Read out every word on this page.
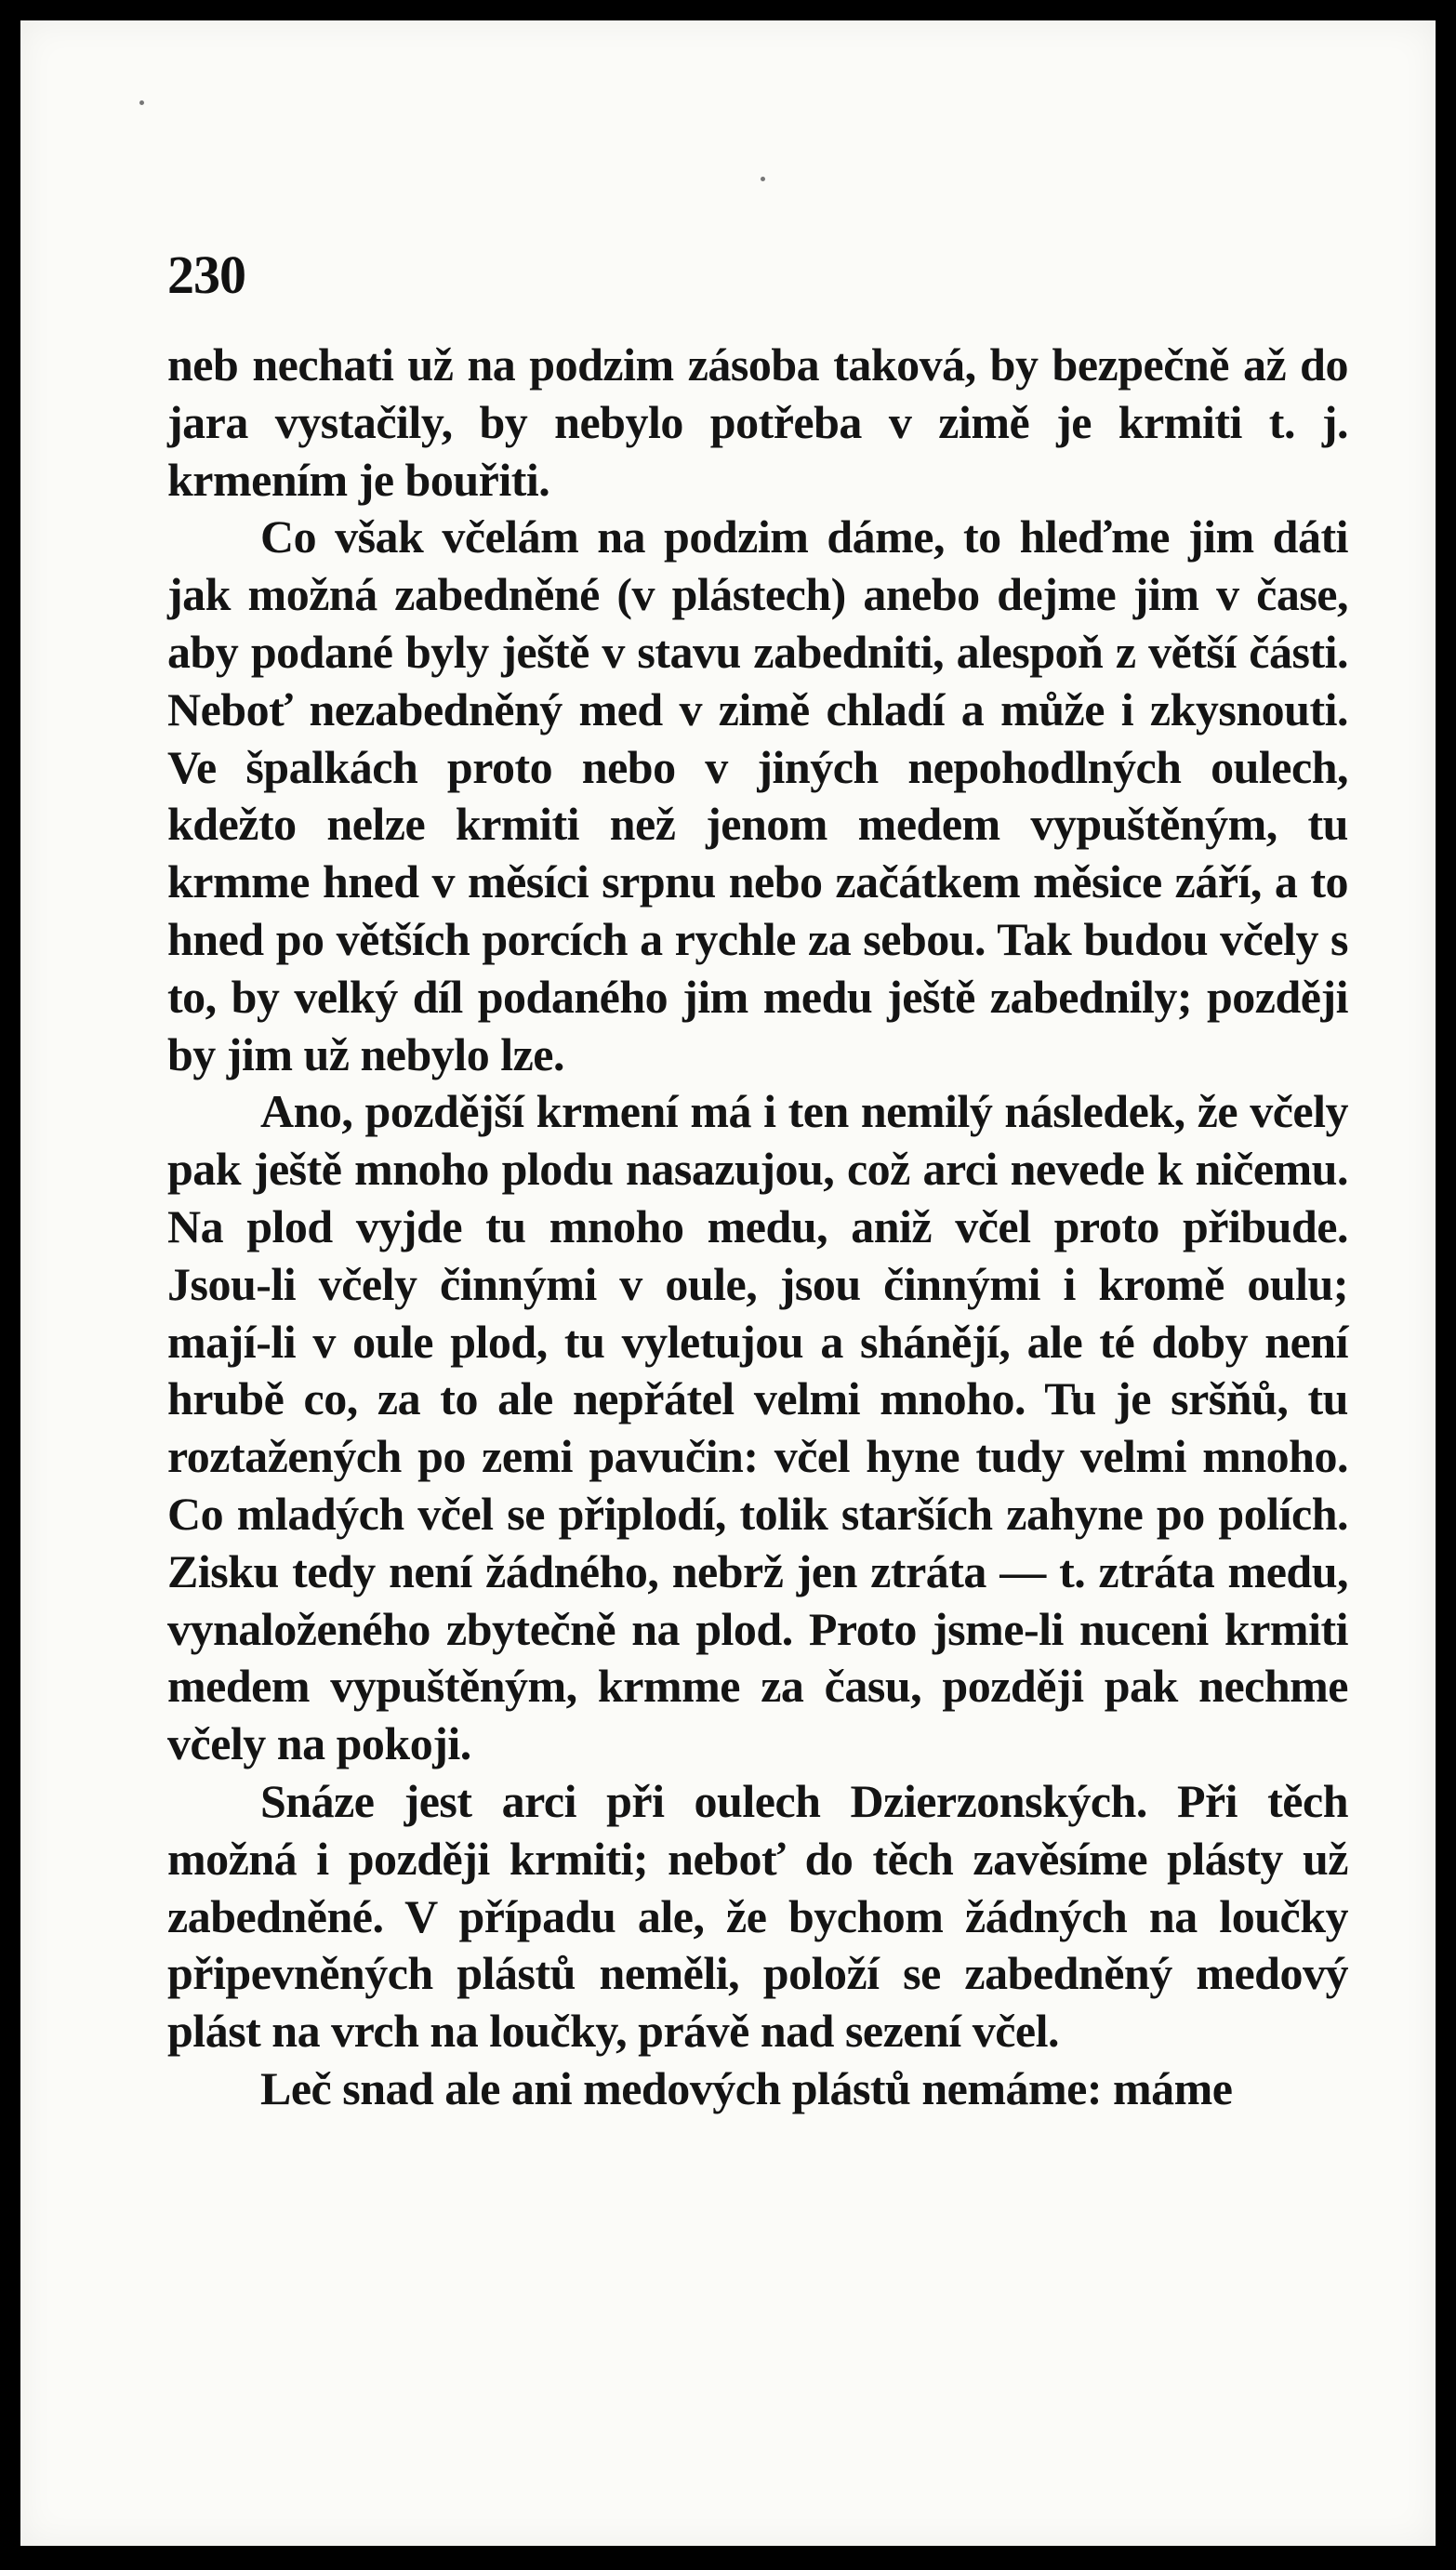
230

neb nechati už na podzim zásoba taková, by bezpečně až do jara vystačily, by nebylo potřeba v zimě je krmiti t. j. krmením je bouřiti.

Co však včelám na podzim dáme, to hleďme jim dáti jak možná zabedněné (v plástech) anebo dejme jim v čase, aby podané byly ještě v stavu zabedniti, alespoň z větší části. Neboť nezabedněný med v zimě chladí a může i zkysnouti. Ve špalkách proto nebo v jiných nepohodlných oulech, kdežto nelze krmiti než jenom medem vypuštěným, tu krmme hned v měsíci srpnu nebo začátkem měsice září, a to hned po větších porcích a rychle za sebou. Tak budou včely s to, by velký díl podaného jim medu ještě zabednily; později by jim už nebylo lze.

Ano, pozdější krmení má i ten nemilý následek, že včely pak ještě mnoho plodu nasazujou, což arci nevede k ničemu. Na plod vyjde tu mnoho medu, aniž včel proto přibude. Jsou-li včely činnými v oule, jsou činnými i kromě oulu; mají-li v oule plod, tu vyletujou a shánějí, ale té doby není hrubě co, za to ale nepřátel velmi mnoho. Tu je sršňů, tu roztažených po zemi pavučin: včel hyne tudy velmi mnoho. Co mladých včel se připlodí, tolik starších zahyne po polích. Zisku tedy není žádného, nebrž jen ztráta — t. ztráta medu, vynaloženého zbytečně na plod. Proto jsme-li nuceni krmiti medem vypuštěným, krmme za času, později pak nechme včely na pokoji.

Snáze jest arci při oulech Dzierzonských. Při těch možná i později krmiti; neboť do těch zavěsíme plásty už zabedněné. V případu ale, že bychom žádných na loučky připevněných plástů neměli, položí se zabedněný medový plást na vrch na loučky, právě nad sezení včel.

Leč snad ale ani medových plástů nemáme: máme
